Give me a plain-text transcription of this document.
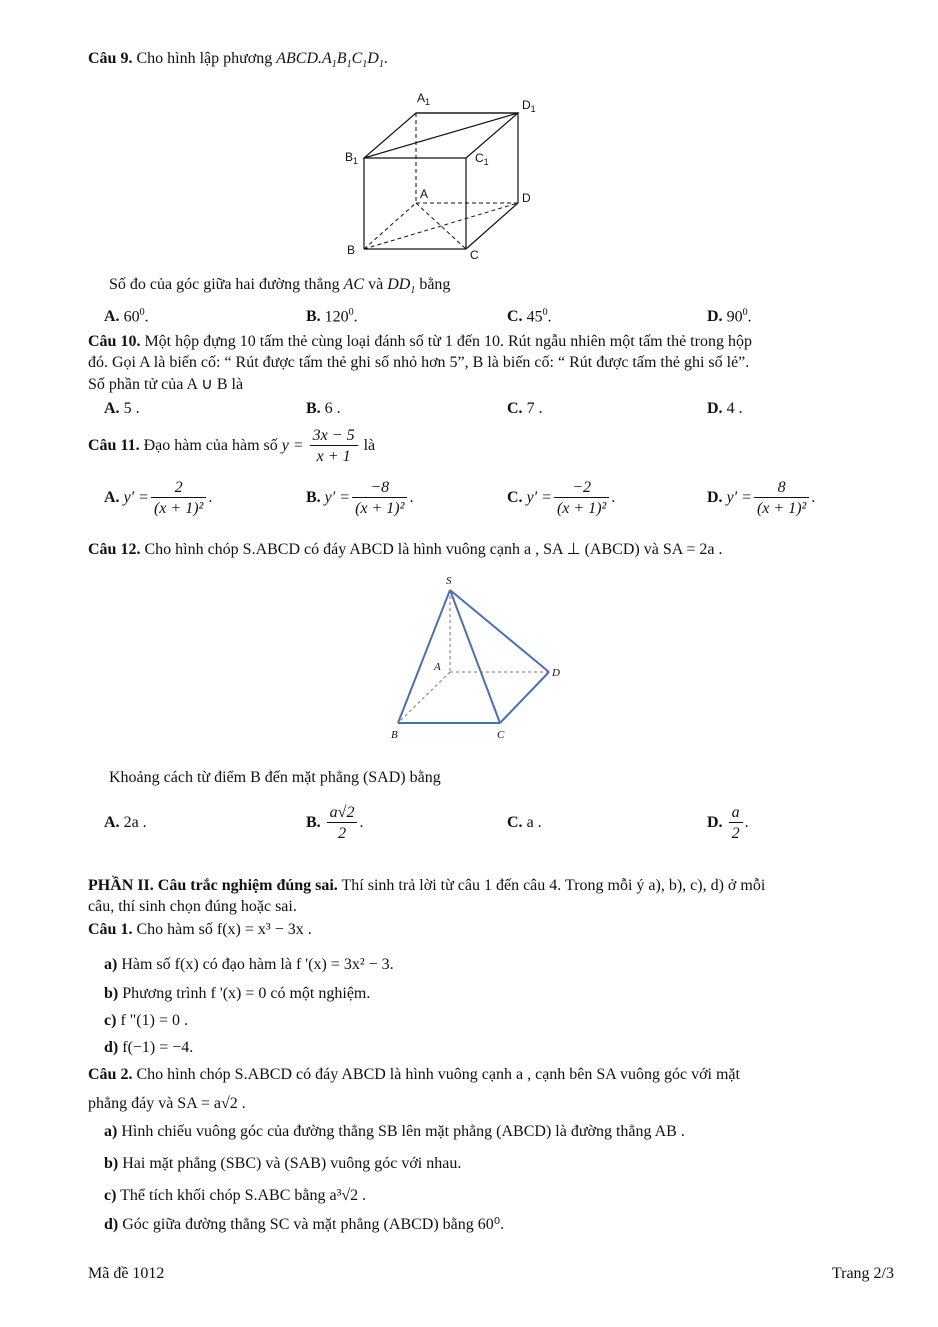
Câu 9. Cho hình lập phương $ABCD.A_1B_1C_1D_1$.
$A_1$	$D_1$
$B_1$	$C_1$
A	D
B	C
Số đo của góc giữa hai đường thẳng AC và $DD_1$ bằng
A. $60^0$.	B. $120^0$.	C. $45^0$.	D. $90^0$.
Câu 10. Một hộp đựng 10 tấm thẻ cùng loại đánh số từ 1 đến 10. Rút ngẫu nhiên một tấm thẻ trong hộp
đó. Gọi A là biến cố: “ Rút được tấm thẻ ghi số nhỏ hơn 5”, B là biến cố: “ Rút được tấm thẻ ghi số lẻ”.
Số phần tử của A ∪ B là
A. 5 .	B. 6 .	C. 7 .	D. 4 .
Câu 11. Đạo hàm của hàm số $y = \frac{3x - 5}{x + 1}$ là
A. $y' = \frac{2}{\text{(x + 1)²}}$ .	B. $y' = \frac{-8}{\text{(x + 1)²}}$ .	C. $y' = \frac{-2}{\text{(x + 1)²}}$ .	D. $y' = \frac{8}{\text{(x + 1)²}}$ .
Câu 12. Cho hình chóp S.ABCD có đáy ABCD là hình vuông cạnh a , SA ⊥ (ABCD) và SA = 2a .
S
A	D
B	C
Khoảng cách từ điểm B đến mặt phẳng (SAD) bằng
A. 2a .	B. $\frac{a√2}{2}$ .	C. a .	D. $\frac{a}{2}$ .
PHẦN II. Câu trắc nghiệm đúng sai. Thí sinh trả lời từ câu 1 đến câu 4. Trong mỗi ý a), b), c), d) ở mỗi
câu, thí sinh chọn đúng hoặc sai.
Câu 1. Cho hàm số f(x) = x³ − 3x .
a) Hàm số f(x) có đạo hàm là f '(x) = 3x² − 3.
b) Phương trình f '(x) = 0 có một nghiệm.
c) f "(1) = 0 .
d) f(−1) = −4.
Câu 2. Cho hình chóp S.ABCD có đáy ABCD là hình vuông cạnh a , cạnh bên SA vuông góc với mặt
phẳng đáy và SA = a√2 .
a) Hình chiếu vuông góc của đường thẳng SB lên mặt phẳng (ABCD) là đường thẳng AB .
b) Hai mặt phẳng (SBC) và (SAB) vuông góc với nhau.
c) Thể tích khối chóp S.ABC bằng a³√2 .
d) Góc giữa đường thẳng SC và mặt phẳng (ABCD) bằng 60⁰.
Mã đề 1012	Trang 2/3
